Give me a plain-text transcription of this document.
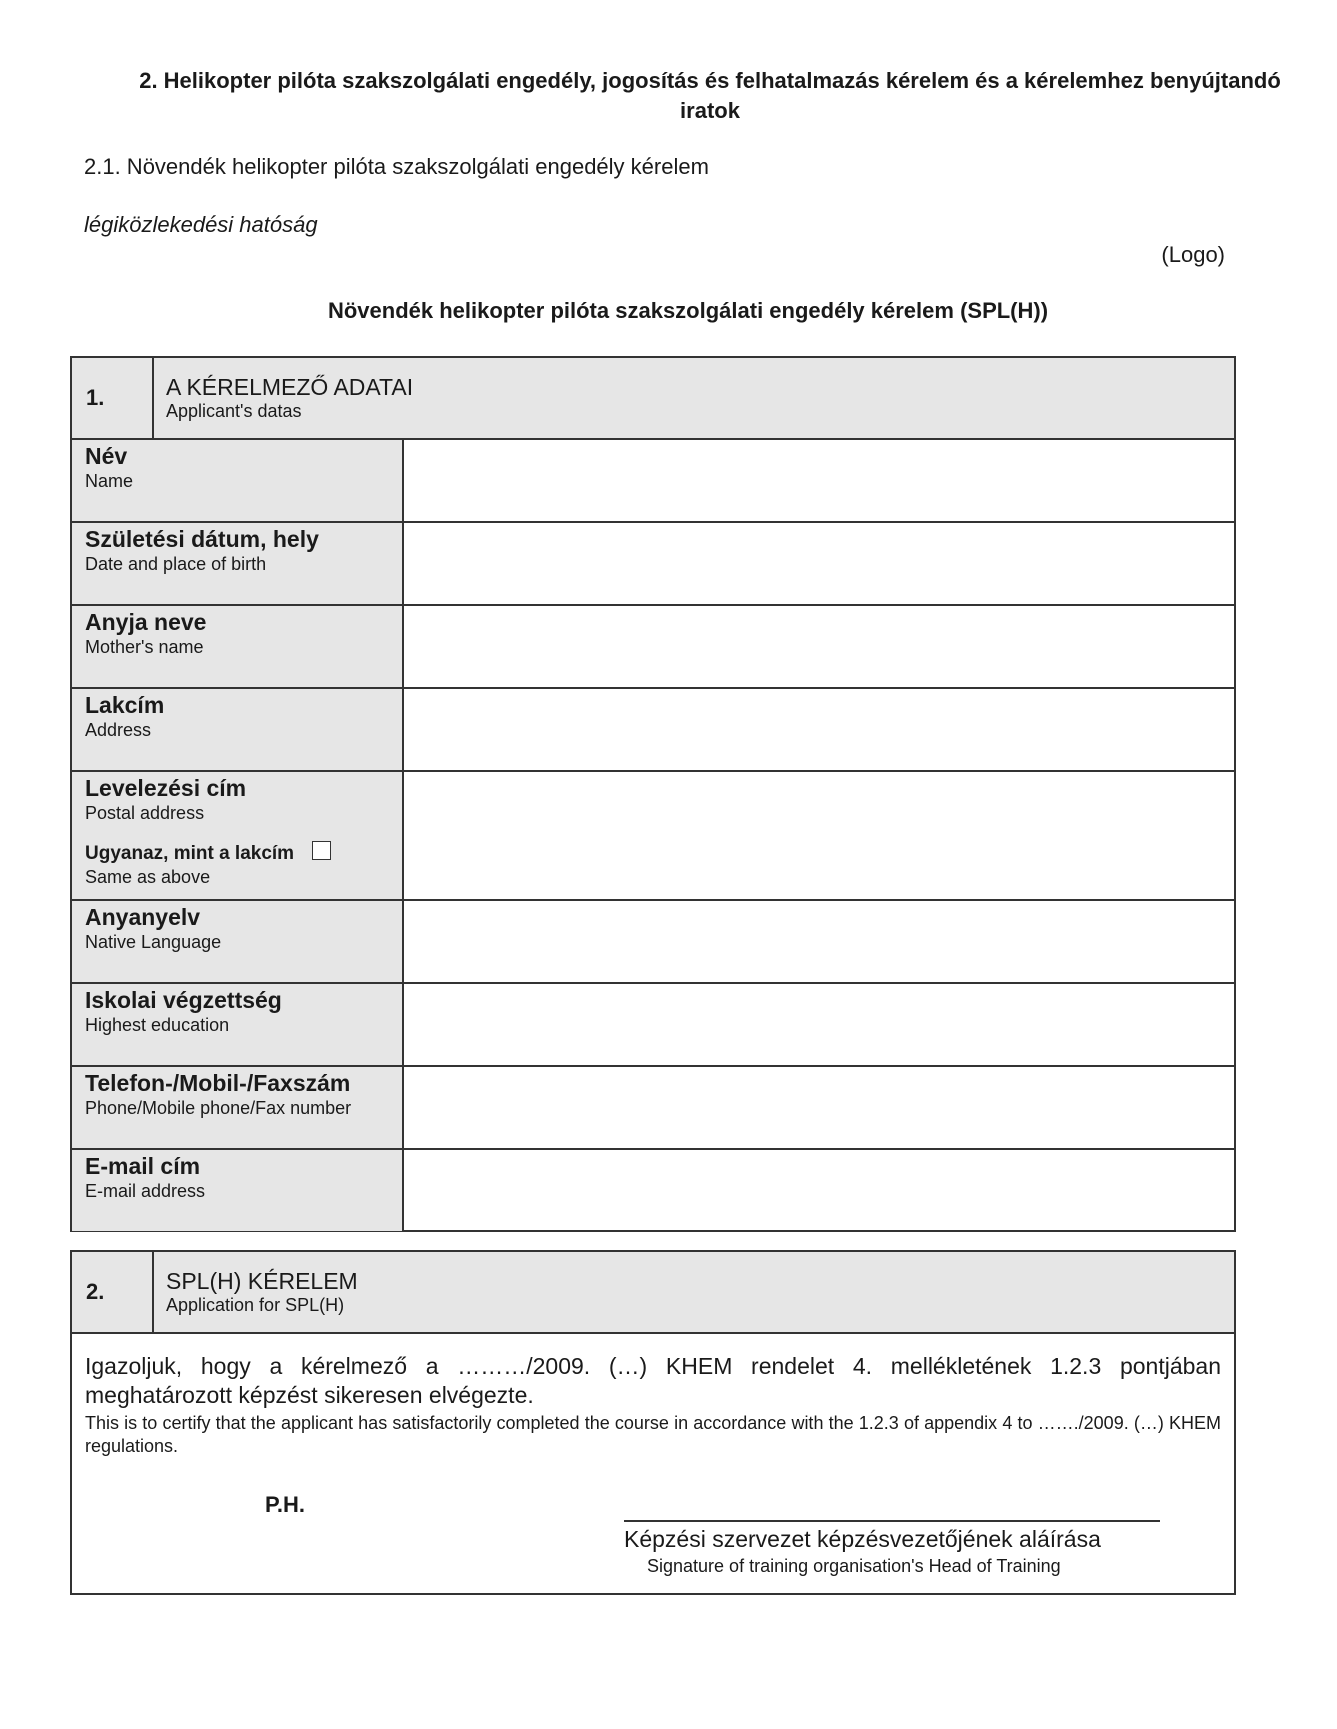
2. Helikopter pilóta szakszolgálati engedély, jogosítás és felhatalmazás kérelem és a kérelemhez benyújtandó iratok
2.1. Növendék helikopter pilóta szakszolgálati engedély kérelem
légiközlekedési hatóság
(Logo)
Növendék helikopter pilóta szakszolgálati engedély kérelem (SPL(H))
1.	A KÉRELMEZŐ ADATAI
Applicant's datas
Név
Name
Születési dátum, hely
Date and place of birth
Anyja neve
Mother's name
Lakcím
Address
Levelezési cím
Postal address
Ugyanaz, mint a lakcím
Same as above
Anyanyelv
Native Language
Iskolai végzettség
Highest education
Telefon-/Mobil-/Faxszám
Phone/Mobile phone/Fax number
E-mail cím
E-mail address
2.	SPL(H) KÉRELEM
Application for SPL(H)
Igazoljuk, hogy a kérelmező a ………/2009. (…) KHEM rendelet 4. mellékletének 1.2.3 pontjában meghatározott képzést sikeresen elvégezte.
This is to certify that the applicant has satisfactorily completed the course in accordance with the 1.2.3 of appendix 4 to ……./2009. (…) KHEM regulations.
P.H.
Képzési szervezet képzésvezetőjének aláírása
Signature of training organisation's Head of Training
